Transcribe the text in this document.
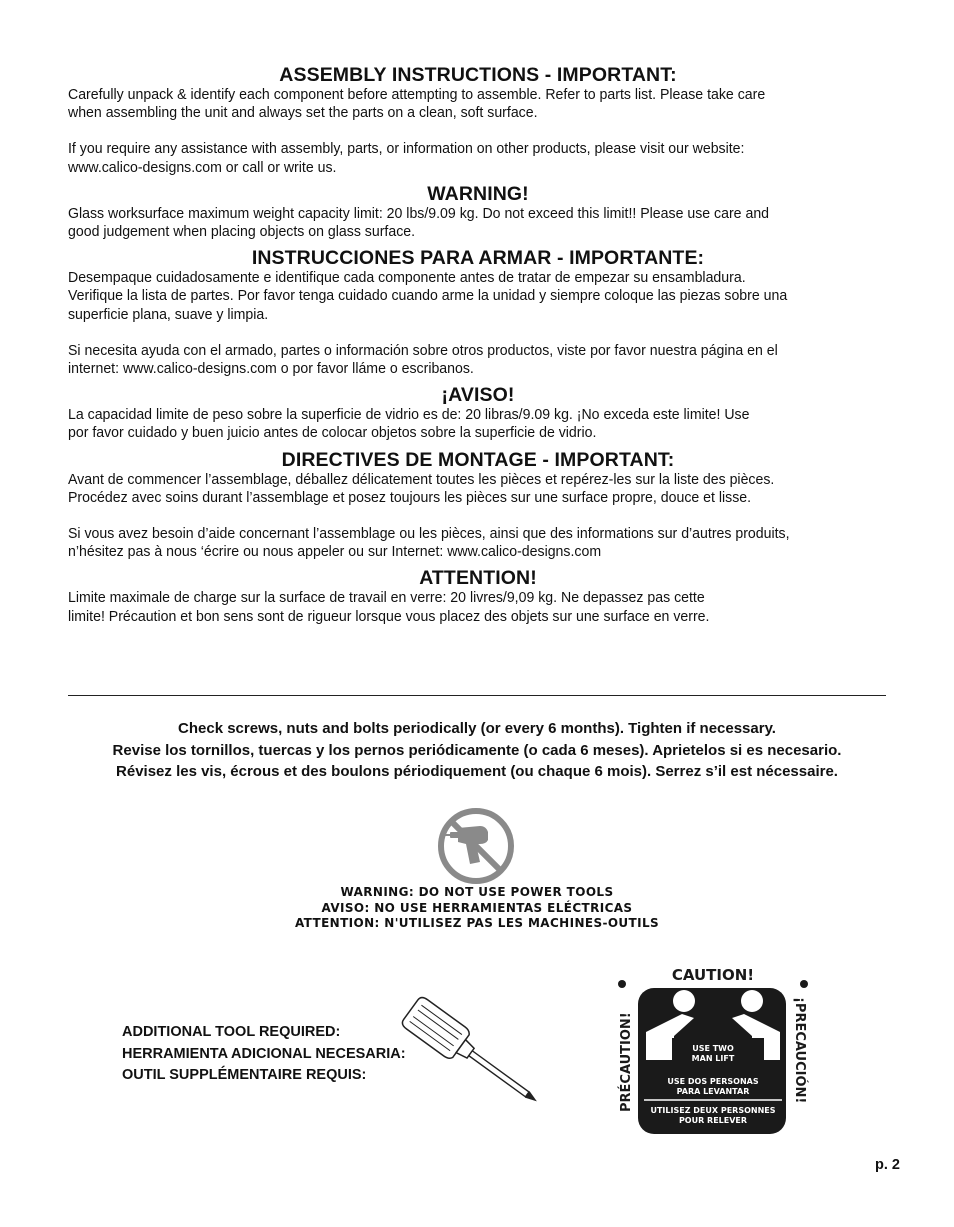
ASSEMBLY INSTRUCTIONS - IMPORTANT:

Carefully unpack & identify each component before attempting to assemble. Refer to parts list. Please take care

when assembling the unit and always set the parts on a clean, soft surface.

If you require any assistance with assembly, parts, or information on other products, please visit our website:

www.calico-designs.com or call or write us.

WARNING!

Glass worksurface maximum weight capacity limit: 20 lbs/9.09 kg. Do not exceed this limit!! Please use care and

good judgement when placing objects on glass surface.

INSTRUCCIONES PARA ARMAR - IMPORTANTE:

Desempaque cuidadosamente e identifique cada componente antes de tratar de empezar su ensambladura.

Verifique la lista de partes. Por favor tenga cuidado cuando arme la unidad y siempre coloque las piezas sobre una

superficie plana, suave y limpia.

Si necesita ayuda con el armado, partes o información sobre otros productos, viste por favor nuestra página en el

internet: www.calico-designs.com o por favor lláme o escribanos.

¡AVISO!

La capacidad limite de peso sobre la superficie de vidrio es de: 20 libras/9.09 kg. ¡No exceda este limite! Use

por favor cuidado y buen juicio antes de colocar objetos sobre la superficie de vidrio.

DIRECTIVES DE MONTAGE - IMPORTANT:

Avant de commencer l’assemblage, déballez délicatement toutes les pièces et repérez-les sur la liste des pièces.

Procédez avec soins durant l’assemblage et posez toujours les pièces sur une surface propre, douce et lisse.

Si vous avez besoin d’aide concernant l’assemblage ou les pièces, ainsi que des informations sur d’autres produits,

n’hésitez pas à nous ‘écrire ou nous appeler ou sur Internet: www.calico-designs.com

ATTENTION!

Limite maximale de charge sur la surface de travail en verre: 20 livres/9,09 kg. Ne depassez pas cette

limite! Précaution et bon sens sont de rigueur lorsque vous placez des objets sur une surface en verre.

Check screws, nuts and bolts periodically (or every 6 months). Tighten if necessary.
Revise los tornillos, tuercas y los pernos periódicamente (o cada 6 meses). Aprietelos si es necesario.
Révisez les vis, écrous et des boulons périodiquement (ou chaque 6 mois). Serrez s’il est nécessaire.
WARNING: DO NOT USE POWER TOOLS
AVISO: NO USE HERRAMIENTAS ELÉCTRICAS
ATTENTION: N'UTILISEZ PAS LES MACHINES-OUTILS
ADDITIONAL TOOL REQUIRED:
HERRAMIENTA ADICIONAL NECESARIA:
OUTIL SUPPLÉMENTAIRE REQUIS:
CAUTION!
PRÉCAUTION!	¡PRECAUCIÓN!
USE TWO
MAN LIFT
USE DOS PERSONAS
PARA LEVANTAR
UTILISEZ DEUX PERSONNES
POUR RELEVER
p. 2
